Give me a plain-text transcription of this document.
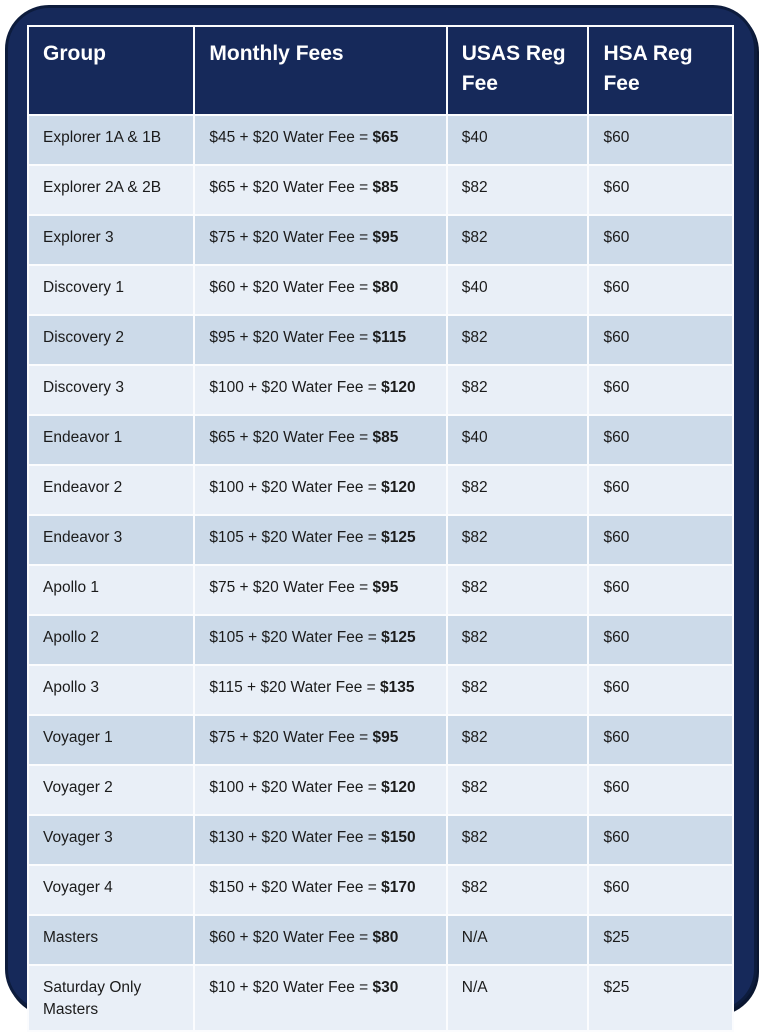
Group	Monthly Fees	USAS Reg Fee	HSA Reg Fee
Explorer 1A & 1B	$45 + $20 Water Fee = $65	$40	$60
Explorer 2A & 2B	$65 + $20 Water Fee = $85	$82	$60
Explorer 3	$75 + $20 Water Fee = $95	$82	$60
Discovery 1	$60 + $20 Water Fee = $80	$40	$60
Discovery 2	$95 + $20 Water Fee = $115	$82	$60
Discovery 3	$100 + $20 Water Fee = $120	$82	$60
Endeavor 1	$65 + $20 Water Fee = $85	$40	$60
Endeavor 2	$100 + $20 Water Fee = $120	$82	$60
Endeavor 3	$105 + $20 Water Fee = $125	$82	$60
Apollo 1	$75 + $20 Water Fee = $95	$82	$60
Apollo 2	$105 + $20 Water Fee = $125	$82	$60
Apollo 3	$115 + $20 Water Fee = $135	$82	$60
Voyager 1	$75 + $20 Water Fee = $95	$82	$60
Voyager 2	$100 + $20 Water Fee = $120	$82	$60
Voyager 3	$130 + $20 Water Fee = $150	$82	$60
Voyager 4	$150 + $20 Water Fee = $170	$82	$60
Masters	$60 + $20 Water Fee = $80	N/A	$25
Saturday Only Masters	$10 + $20 Water Fee = $30	N/A	$25
